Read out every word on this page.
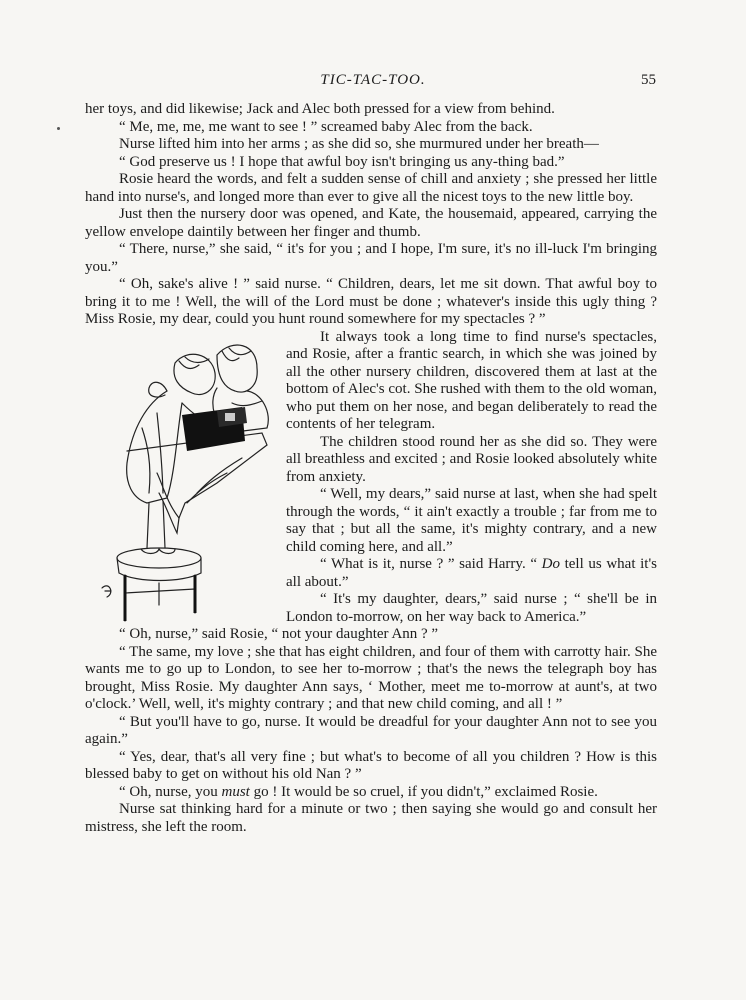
TIC-TAC-TOO.	55

her toys, and did likewise; Jack and Alec both pressed for a view from behind.

“ Me, me, me, me want to see ! ” screamed baby Alec from the back.

Nurse lifted him into her arms ; as she did so, she murmured under her breath—

“ God preserve us ! I hope that awful boy isn't bringing us any-thing bad.”

Rosie heard the words, and felt a sudden sense of chill and anxiety ; she pressed her little hand into nurse's, and longed more than ever to give all the nicest toys to the new little boy.

Just then the nursery door was opened, and Kate, the housemaid, appeared, carrying the yellow envelope daintily between her finger and thumb.

“ There, nurse,” she said, “ it's for you ; and I hope, I'm sure, it's no ill-luck I'm bringing you.”

“ Oh, sake's alive ! ” said nurse. “ Children, dears, let me sit down. That awful boy to bring it to me ! Well, the will of the Lord must be done ; whatever's inside this ugly thing ? Miss Rosie, my dear, could you hunt round somewhere for my spectacles ? ”

It always took a long time to find nurse's spectacles, and Rosie, after a frantic search, in which she was joined by all the other nursery children, discovered them at last at the bottom of Alec's cot. She rushed with them to the old woman, who put them on her nose, and began deliberately to read the contents of her telegram.

The children stood round her as she did so. They were all breathless and excited ; and Rosie looked absolutely white from anxiety.

“ Well, my dears,” said nurse at last, when she had spelt through the words, “ it ain't exactly a trouble ; far from me to say that ; but all the same, it's mighty contrary, and a new child coming here, and all.”

“ What is it, nurse ? ” said Harry. “ Do tell us what it's all about.”

“ It's my daughter, dears,” said nurse ; “ she'll be in London to-morrow, on her way back to America.”

“ Oh, nurse,” said Rosie, “ not your daughter Ann ? ”

“ The same, my love ; she that has eight children, and four of them with carrotty hair. She wants me to go up to London, to see her to-morrow ; that's the news the telegraph boy has brought, Miss Rosie. My daughter Ann says, ‘ Mother, meet me to-morrow at aunt's, at two o'clock.’ Well, well, it's mighty contrary ; and that new child coming, and all ! ”

“ But you'll have to go, nurse. It would be dreadful for your daughter Ann not to see you again.”

“ Yes, dear, that's all very fine ; but what's to become of all you children ? How is this blessed baby to get on without his old Nan ? ”

“ Oh, nurse, you must go ! It would be so cruel, if you didn't,” exclaimed Rosie.

Nurse sat thinking hard for a minute or two ; then saying she would go and consult her mistress, she left the room.
